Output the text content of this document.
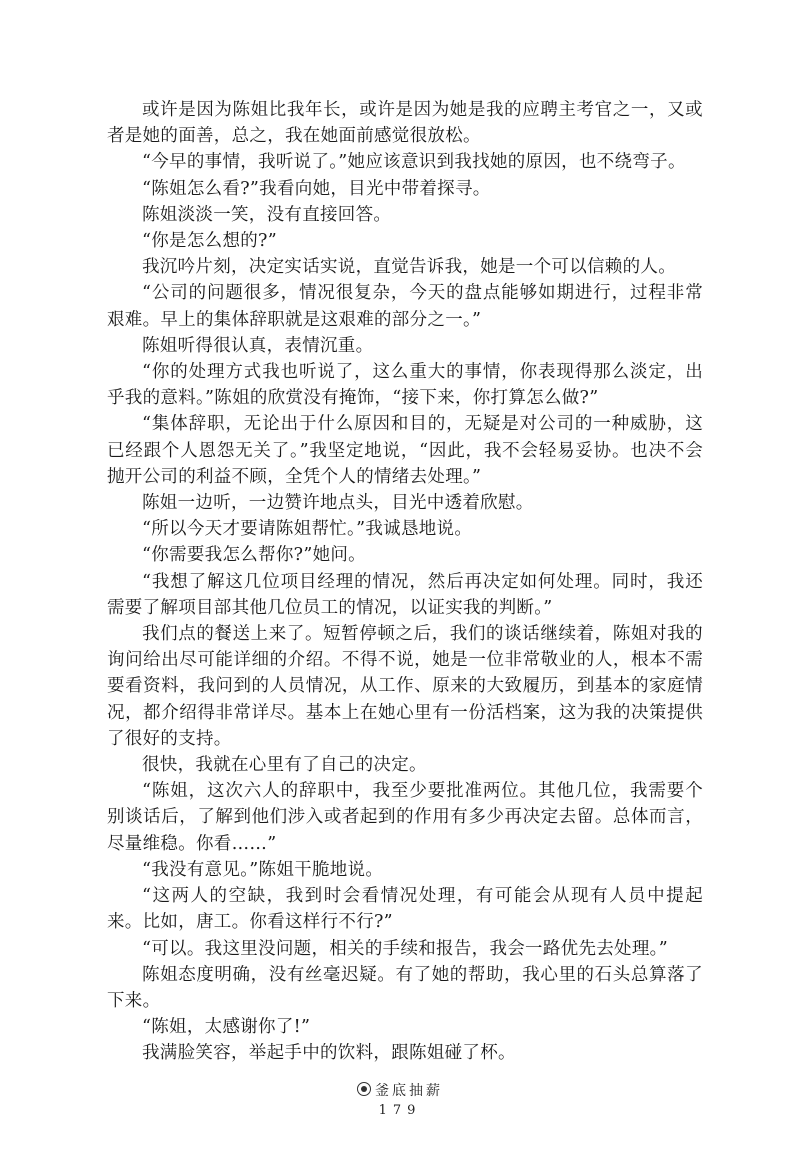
或许是因为陈姐比我年长，或许是因为她是我的应聘主考官之一，又或者是她的面善，总之，我在她面前感觉很放松。

“今早的事情，我听说了。”她应该意识到我找她的原因，也不绕弯子。

“陈姐怎么看?”我看向她，目光中带着探寻。

陈姐淡淡一笑，没有直接回答。

“你是怎么想的?”

我沉吟片刻，决定实话实说，直觉告诉我，她是一个可以信赖的人。

“公司的问题很多，情况很复杂，今天的盘点能够如期进行，过程非常艰难。早上的集体辞职就是这艰难的部分之一。”

陈姐听得很认真，表情沉重。

“你的处理方式我也听说了，这么重大的事情，你表现得那么淡定，出乎我的意料。”陈姐的欣赏没有掩饰，“接下来，你打算怎么做?”

“集体辞职，无论出于什么原因和目的，无疑是对公司的一种威胁，这已经跟个人恩怨无关了。”我坚定地说，“因此，我不会轻易妥协。也决不会抛开公司的利益不顾，全凭个人的情绪去处理。”

陈姐一边听，一边赞许地点头，目光中透着欣慰。

“所以今天才要请陈姐帮忙。”我诚恳地说。

“你需要我怎么帮你?”她问。

“我想了解这几位项目经理的情况，然后再决定如何处理。同时，我还需要了解项目部其他几位员工的情况，以证实我的判断。”

我们点的餐送上来了。短暂停顿之后，我们的谈话继续着，陈姐对我的询问给出尽可能详细的介绍。不得不说，她是一位非常敬业的人，根本不需要看资料，我问到的人员情况，从工作、原来的大致履历，到基本的家庭情况，都介绍得非常详尽。基本上在她心里有一份活档案，这为我的决策提供了很好的支持。

很快，我就在心里有了自己的决定。

“陈姐，这次六人的辞职中，我至少要批准两位。其他几位，我需要个别谈话后，了解到他们涉入或者起到的作用有多少再决定去留。总体而言，尽量维稳。你看……”

“我没有意见。”陈姐干脆地说。

“这两人的空缺，我到时会看情况处理，有可能会从现有人员中提起来。比如，唐工。你看这样行不行?”

“可以。我这里没问题，相关的手续和报告，我会一路优先去处理。”

陈姐态度明确，没有丝毫迟疑。有了她的帮助，我心里的石头总算落了下来。

“陈姐，太感谢你了!”

我满脸笑容，举起手中的饮料，跟陈姐碰了杯。

釜底抽薪
179
